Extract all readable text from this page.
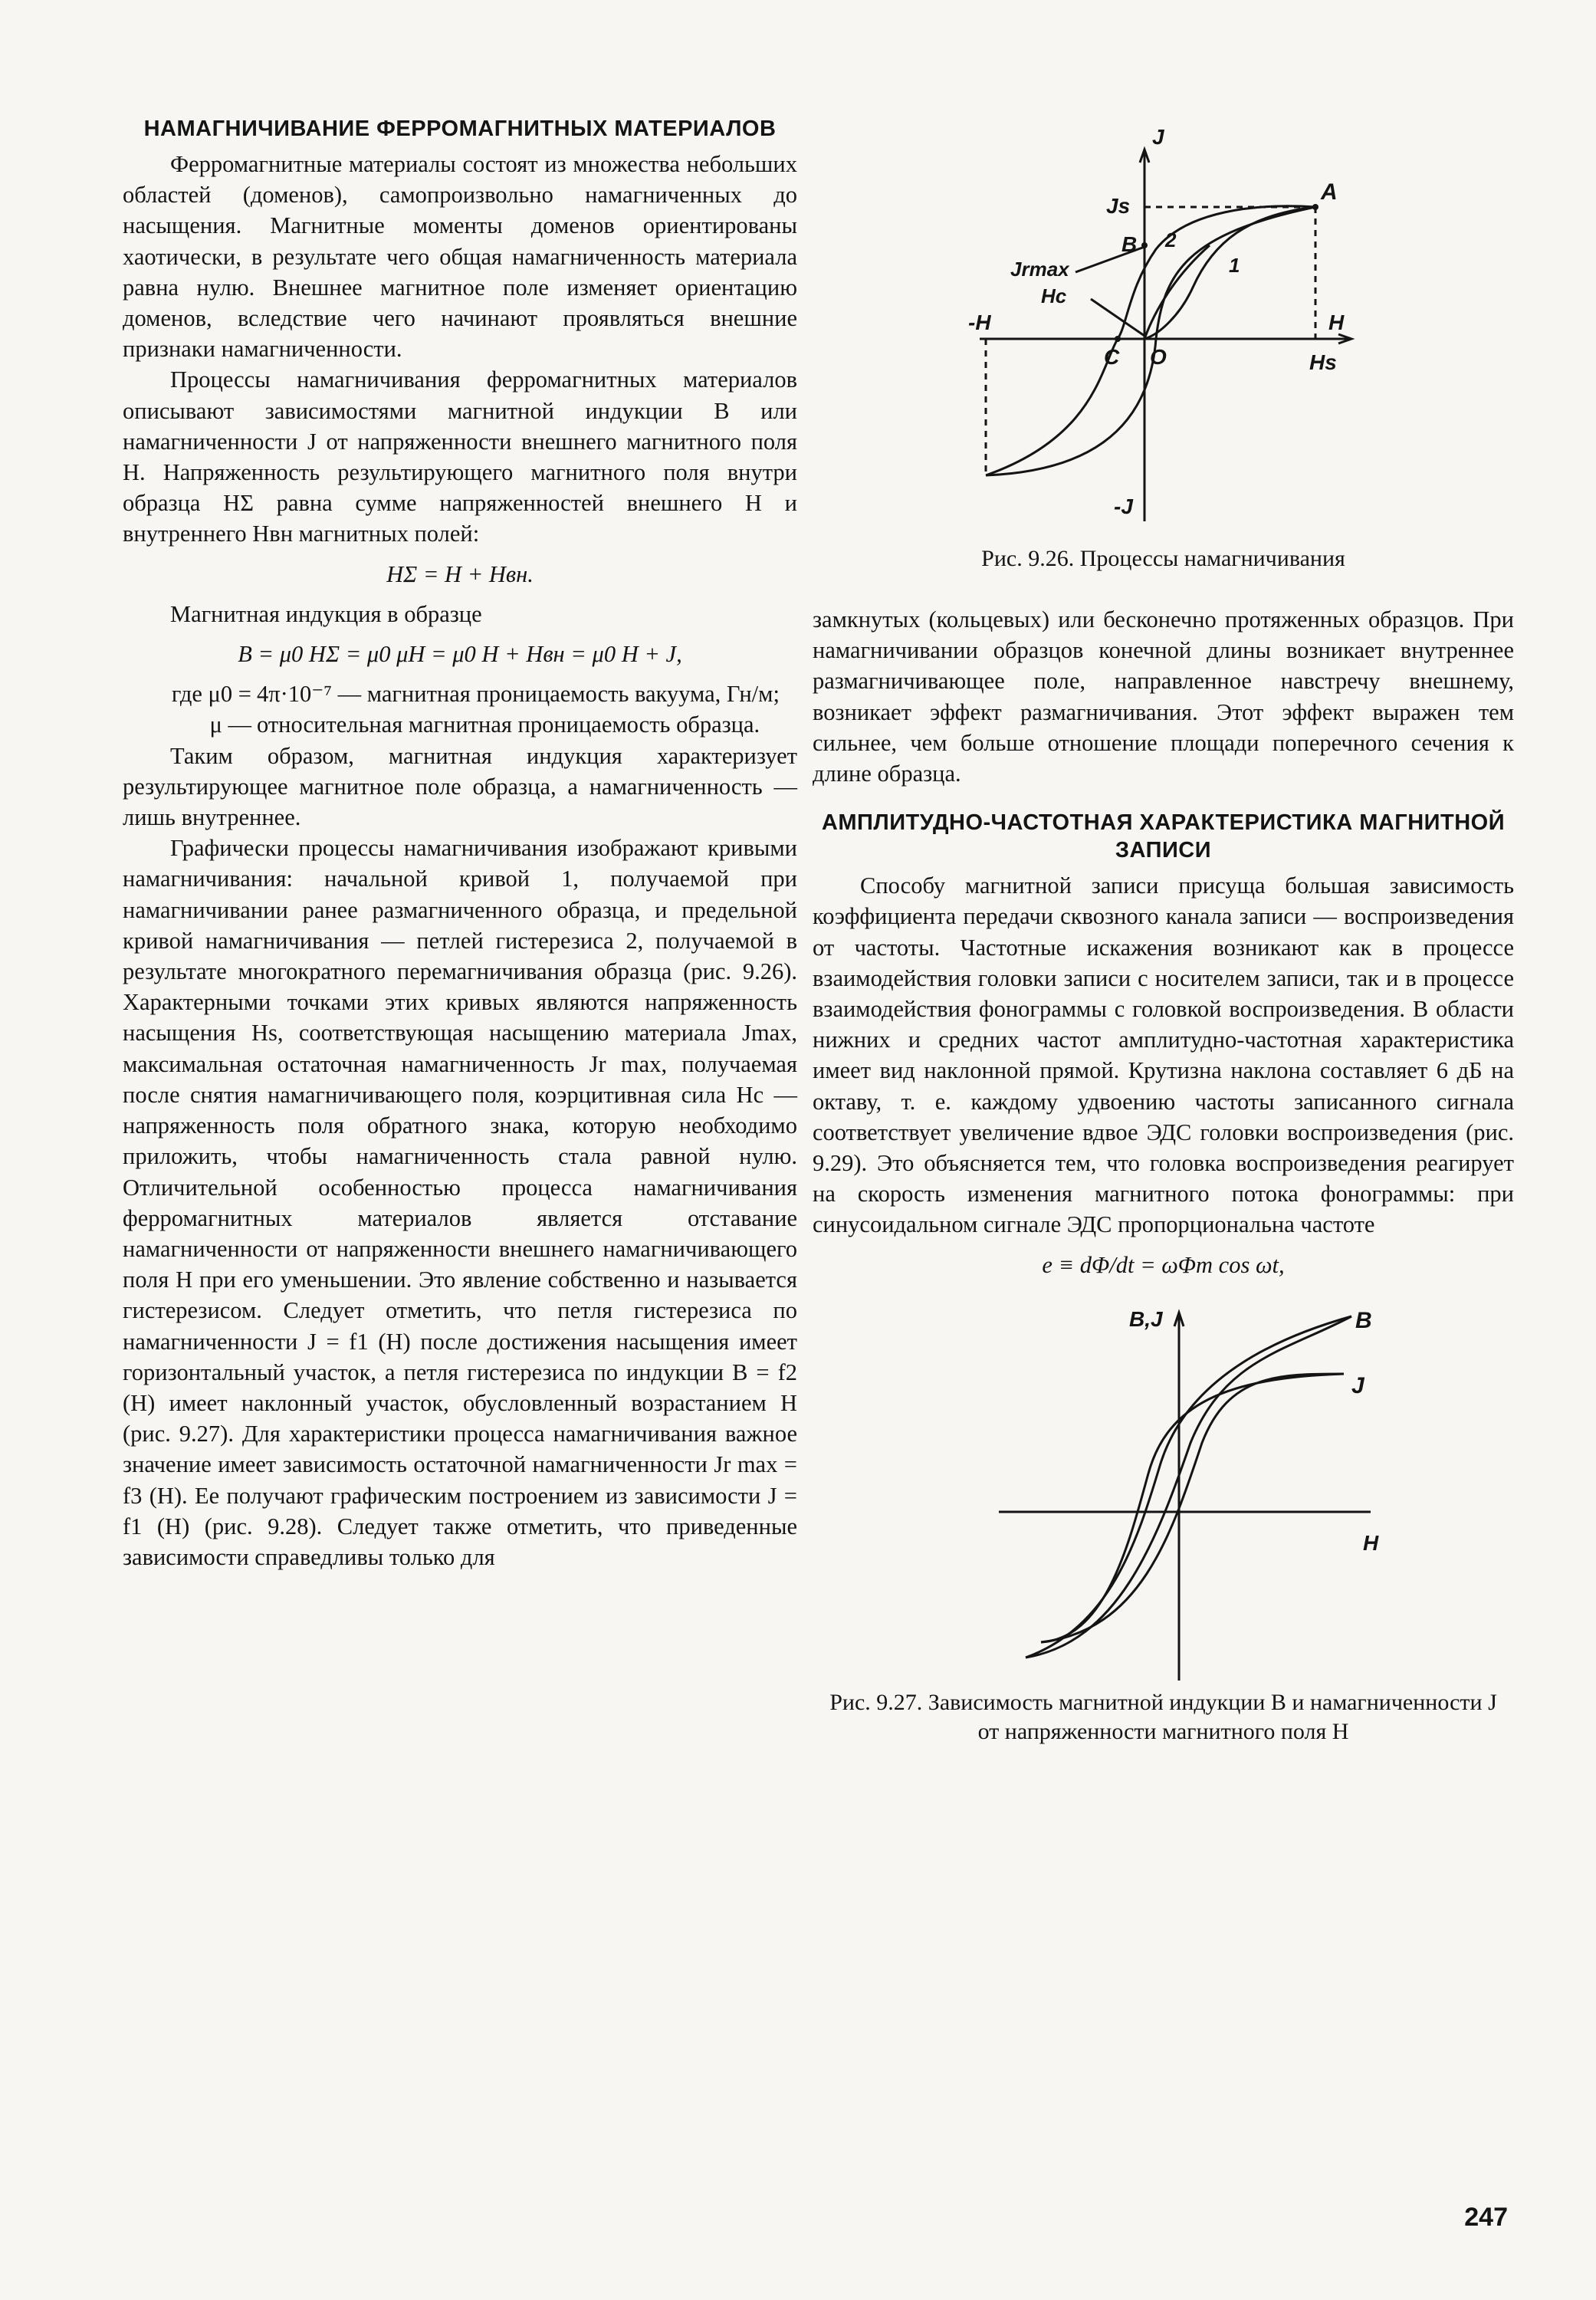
НАМАГНИЧИВАНИЕ ФЕРРОМАГНИТНЫХ МАТЕРИАЛОВ

Ферромагнитные материалы состоят из множества небольших областей (доменов), самопроизвольно намагниченных до насыщения. Магнитные моменты доменов ориентированы хаотически, в результате чего общая намагниченность материала равна нулю. Внешнее магнитное поле изменяет ориентацию доменов, вследствие чего начинают проявляться внешние признаки намагниченности.

Процессы намагничивания ферромагнитных материалов описывают зависимостями магнитной индукции B или намагниченности J от напряженности внешнего магнитного поля H. Напряженность результирующего магнитного поля внутри образца HΣ равна сумме напряженностей внешнего H и внутреннего Hвн магнитных полей:

HΣ = H + Hвн.

Магнитная индукция в образце

B = μ0 HΣ = μ0 μH = μ0 H + Hвн = μ0 H + J,
где μ0 = 4π·10⁻⁷ — магнитная проницаемость вакуума, Гн/м;
μ — относительная магнитная проницаемость образца.

Таким образом, магнитная индукция характеризует результирующее магнитное поле образца, а намагниченность — лишь внутреннее.

Графически процессы намагничивания изображают кривыми намагничивания: начальной кривой 1, получаемой при намагничивании ранее размагниченного образца, и предельной кривой намагничивания — петлей гистерезиса 2, получаемой в результате многократного перемагничивания образца (рис. 9.26). Характерными точками этих кривых являются напряженность насыщения Hs, соответствующая насыщению материала Jmax, максимальная остаточная намагниченность Jr max, получаемая после снятия намагничивающего поля, коэрцитивная сила Hc — напряженность поля обратного знака, которую необходимо приложить, чтобы намагниченность стала равной нулю. Отличительной особенностью процесса намагничивания ферромагнитных материалов является отставание намагниченности от напряженности внешнего намагничивающего поля H при его уменьшении. Это явление собственно и называется гистерезисом. Следует отметить, что петля гистерезиса по намагниченности J = f1 (H) после достижения насыщения имеет горизонтальный участок, а петля гистерезиса по индукции B = f2 (H) имеет наклонный участок, обусловленный возрастанием H (рис. 9.27). Для характеристики процесса намагничивания важное значение имеет зависимость остаточной намагниченности Jr max = f3 (H). Ее получают графическим построением из зависимости J = f1 (H) (рис. 9.28). Следует также отметить, что приведенные зависимости справедливы только для

J
Js
B
Jrmax
Hc
-H
C O
H
Hs
A
2
1
-J
Рис. 9.26. Процессы намагничивания

замкнутых (кольцевых) или бесконечно протяженных образцов. При намагничивании образцов конечной длины возникает внутреннее размагничивающее поле, направленное навстречу внешнему, возникает эффект размагничивания. Этот эффект выражен тем сильнее, чем больше отношение площади поперечного сечения к длине образца.

АМПЛИТУДНО-ЧАСТОТНАЯ ХАРАКТЕРИСТИКА МАГНИТНОЙ ЗАПИСИ

Способу магнитной записи присуща большая зависимость коэффициента передачи сквозного канала записи — воспроизведения от частоты. Частотные искажения возникают как в процессе взаимодействия головки записи с носителем записи, так и в процессе взаимодействия фонограммы с головкой воспроизведения. В области нижних и средних частот амплитудно-частотная характеристика имеет вид наклонной прямой. Крутизна наклона составляет 6 дБ на октаву, т. е. каждому удвоению частоты записанного сигнала соответствует увеличение вдвое ЭДС головки воспроизведения (рис. 9.29). Это объясняется тем, что головка воспроизведения реагирует на скорость изменения магнитного потока фонограммы: при синусоидальном сигнале ЭДС пропорциональна частоте

e ≡ dΦ/dt = ωΦm cos ωt,
B,J	B
J
H
Рис. 9.27. Зависимость магнитной индукции B и намагниченности J от напряженности магнитного поля H
247
